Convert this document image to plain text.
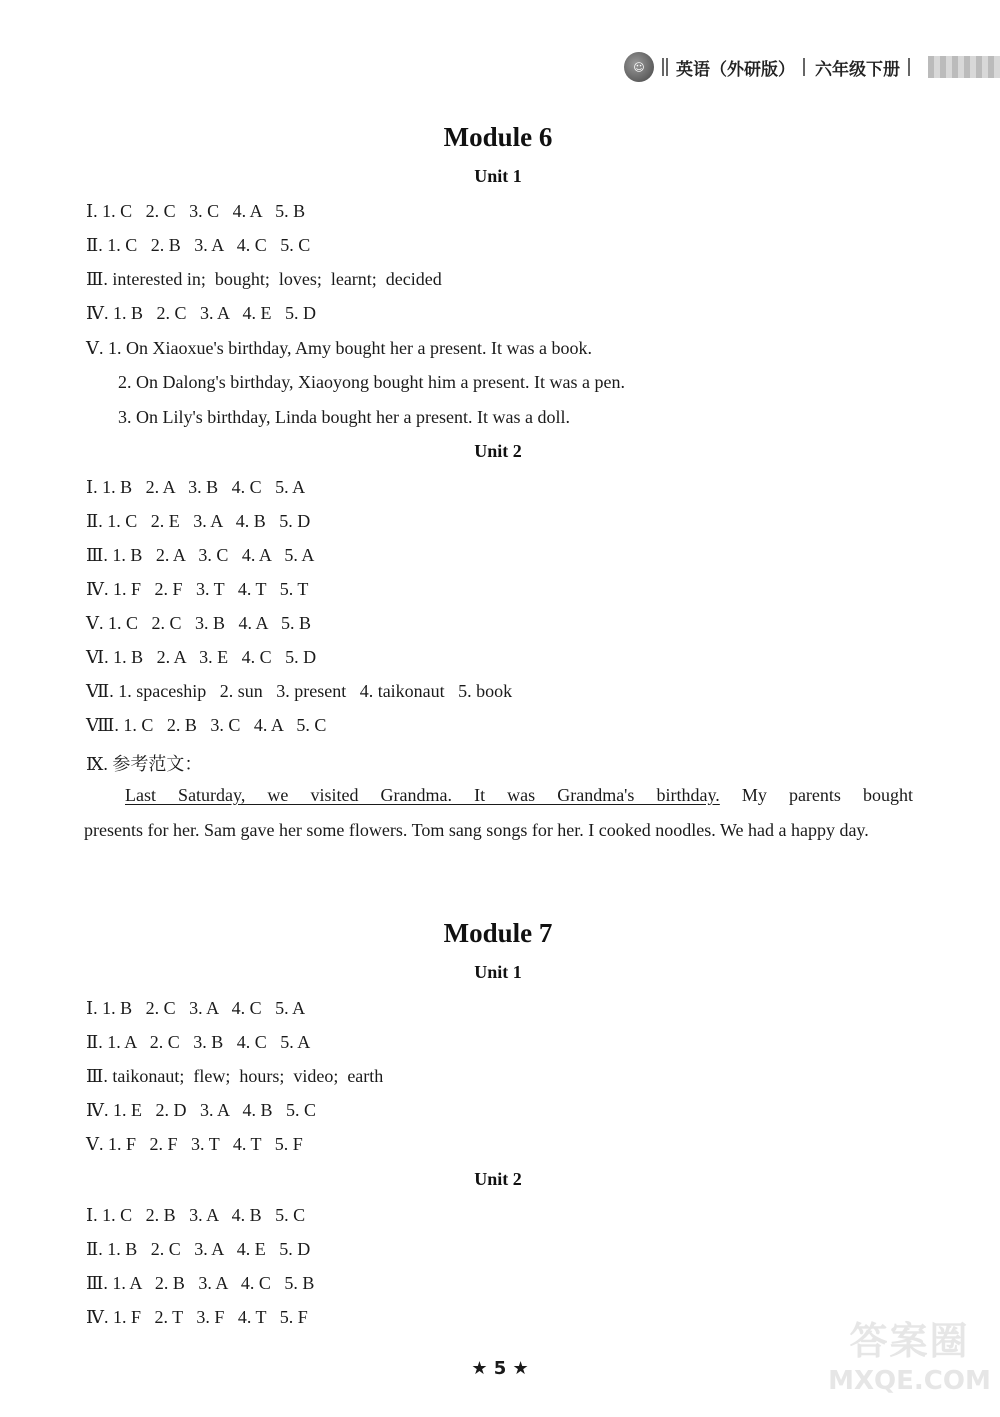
☺	英语（外研版） 六年级下册
Module 6
Unit 1
Ⅰ. 1. C   2. C   3. C   4. A   5. B
Ⅱ. 1. C   2. B   3. A   4. C   5. C
Ⅲ. interested in;  bought;  loves;  learnt;  decided
Ⅳ. 1. B   2. C   3. A   4. E   5. D
Ⅴ. 1. On Xiaoxue's birthday, Amy bought her a present. It was a book.
2. On Dalong's birthday, Xiaoyong bought him a present. It was a pen.
3. On Lily's birthday, Linda bought her a present. It was a doll.
Unit 2
Ⅰ. 1. B   2. A   3. B   4. C   5. A
Ⅱ. 1. C   2. E   3. A   4. B   5. D
Ⅲ. 1. B   2. A   3. C   4. A   5. A
Ⅳ. 1. F   2. F   3. T   4. T   5. T
Ⅴ. 1. C   2. C   3. B   4. A   5. B
Ⅵ. 1. B   2. A   3. E   4. C   5. D
Ⅶ. 1. spaceship   2. sun   3. present   4. taikonaut   5. book
Ⅷ. 1. C   2. B   3. C   4. A   5. C
Ⅸ. 参考范文：
Last Saturday, we visited Grandma. It was Grandma's birthday. My parents bought
presents for her. Sam gave her some flowers. Tom sang songs for her. I cooked noodles. We had a happy day.
Module 7
Unit 1
Ⅰ. 1. B   2. C   3. A   4. C   5. A
Ⅱ. 1. A   2. C   3. B   4. C   5. A
Ⅲ. taikonaut;  flew;  hours;  video;  earth
Ⅳ. 1. E   2. D   3. A   4. B   5. C
Ⅴ. 1. F   2. F   3. T   4. T   5. F
Unit 2
Ⅰ. 1. C   2. B   3. A   4. B   5. C
Ⅱ. 1. B   2. C   3. A   4. E   5. D
Ⅲ. 1. A   2. B   3. A   4. C   5. B
Ⅳ. 1. F   2. T   3. F   4. T   5. F
★ 5 ★
答案圈
MXQE.COM
